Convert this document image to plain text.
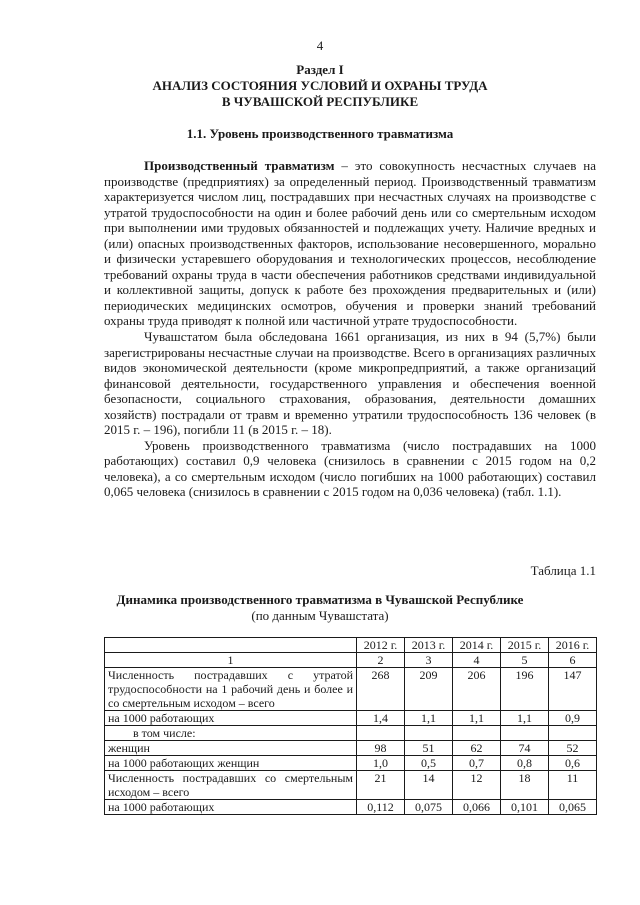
4
Раздел I
АНАЛИЗ СОСТОЯНИЯ УСЛОВИЙ И ОХРАНЫ ТРУДА
В ЧУВАШСКОЙ РЕСПУБЛИКЕ
1.1. Уровень производственного травматизма

Производственный травматизм – это совокупность несчастных случаев на производстве (предприятиях) за определенный период. Производственный травматизм характеризуется числом лиц, пострадавших при несчастных случаях на производстве с утратой трудоспособности на один и более рабочий день или со смертельным исходом при выполнении ими трудовых обязанностей и подлежащих учету. Наличие вредных и (или) опасных производственных факторов, использование несовершенного, морально и физически устаревшего оборудования и технологических процессов, несоблюдение требований охраны труда в части обеспечения работников средствами индивидуальной и коллективной защиты, допуск к работе без прохождения предварительных и (или) периодических медицинских осмотров, обучения и проверки знаний требований охраны труда приводят к полной или частичной утрате трудоспособности.

Чувашстатом была обследована 1661 организация, из них в 94 (5,7%) были зарегистрированы несчастные случаи на производстве. Всего в организациях различных видов экономической деятельности (кроме микропредприятий, а также организаций финансовой деятельности, государственного управления и обеспечения военной безопасности, социального страхования, образования, деятельности домашних хозяйств) пострадали от травм и временно утратили трудоспособность 136 человек (в 2015 г. – 196), погибли 11 (в 2015 г. – 18).

Уровень производственного травматизма (число пострадавших на 1000 работающих) составил 0,9 человека (снизилось в сравнении с 2015 годом на 0,2 человека), а со смертельным исходом (число погибших на 1000 работающих) составил 0,065 человека (снизилось в сравнении с 2015 годом на 0,036 человека) (табл. 1.1).

Таблица 1.1
Динамика производственного травматизма в Чувашской Республике
(по данным Чувашстата)
	2012 г.	2013 г.	2014 г.	2015 г.	2016 г.
1	2	3	4	5	6
Численность пострадавших с утратой трудоспособности на 1 рабочий день и более и со смертельным исходом – всего	268	209	206	196	147
на 1000 работающих	1,4	1,1	1,1	1,1	0,9
в том числе:					
женщин	98	51	62	74	52
на 1000 работающих женщин	1,0	0,5	0,7	0,8	0,6
Численность пострадавших со смертельным исходом – всего	21	14	12	18	11
на 1000 работающих	0,112	0,075	0,066	0,101	0,065
